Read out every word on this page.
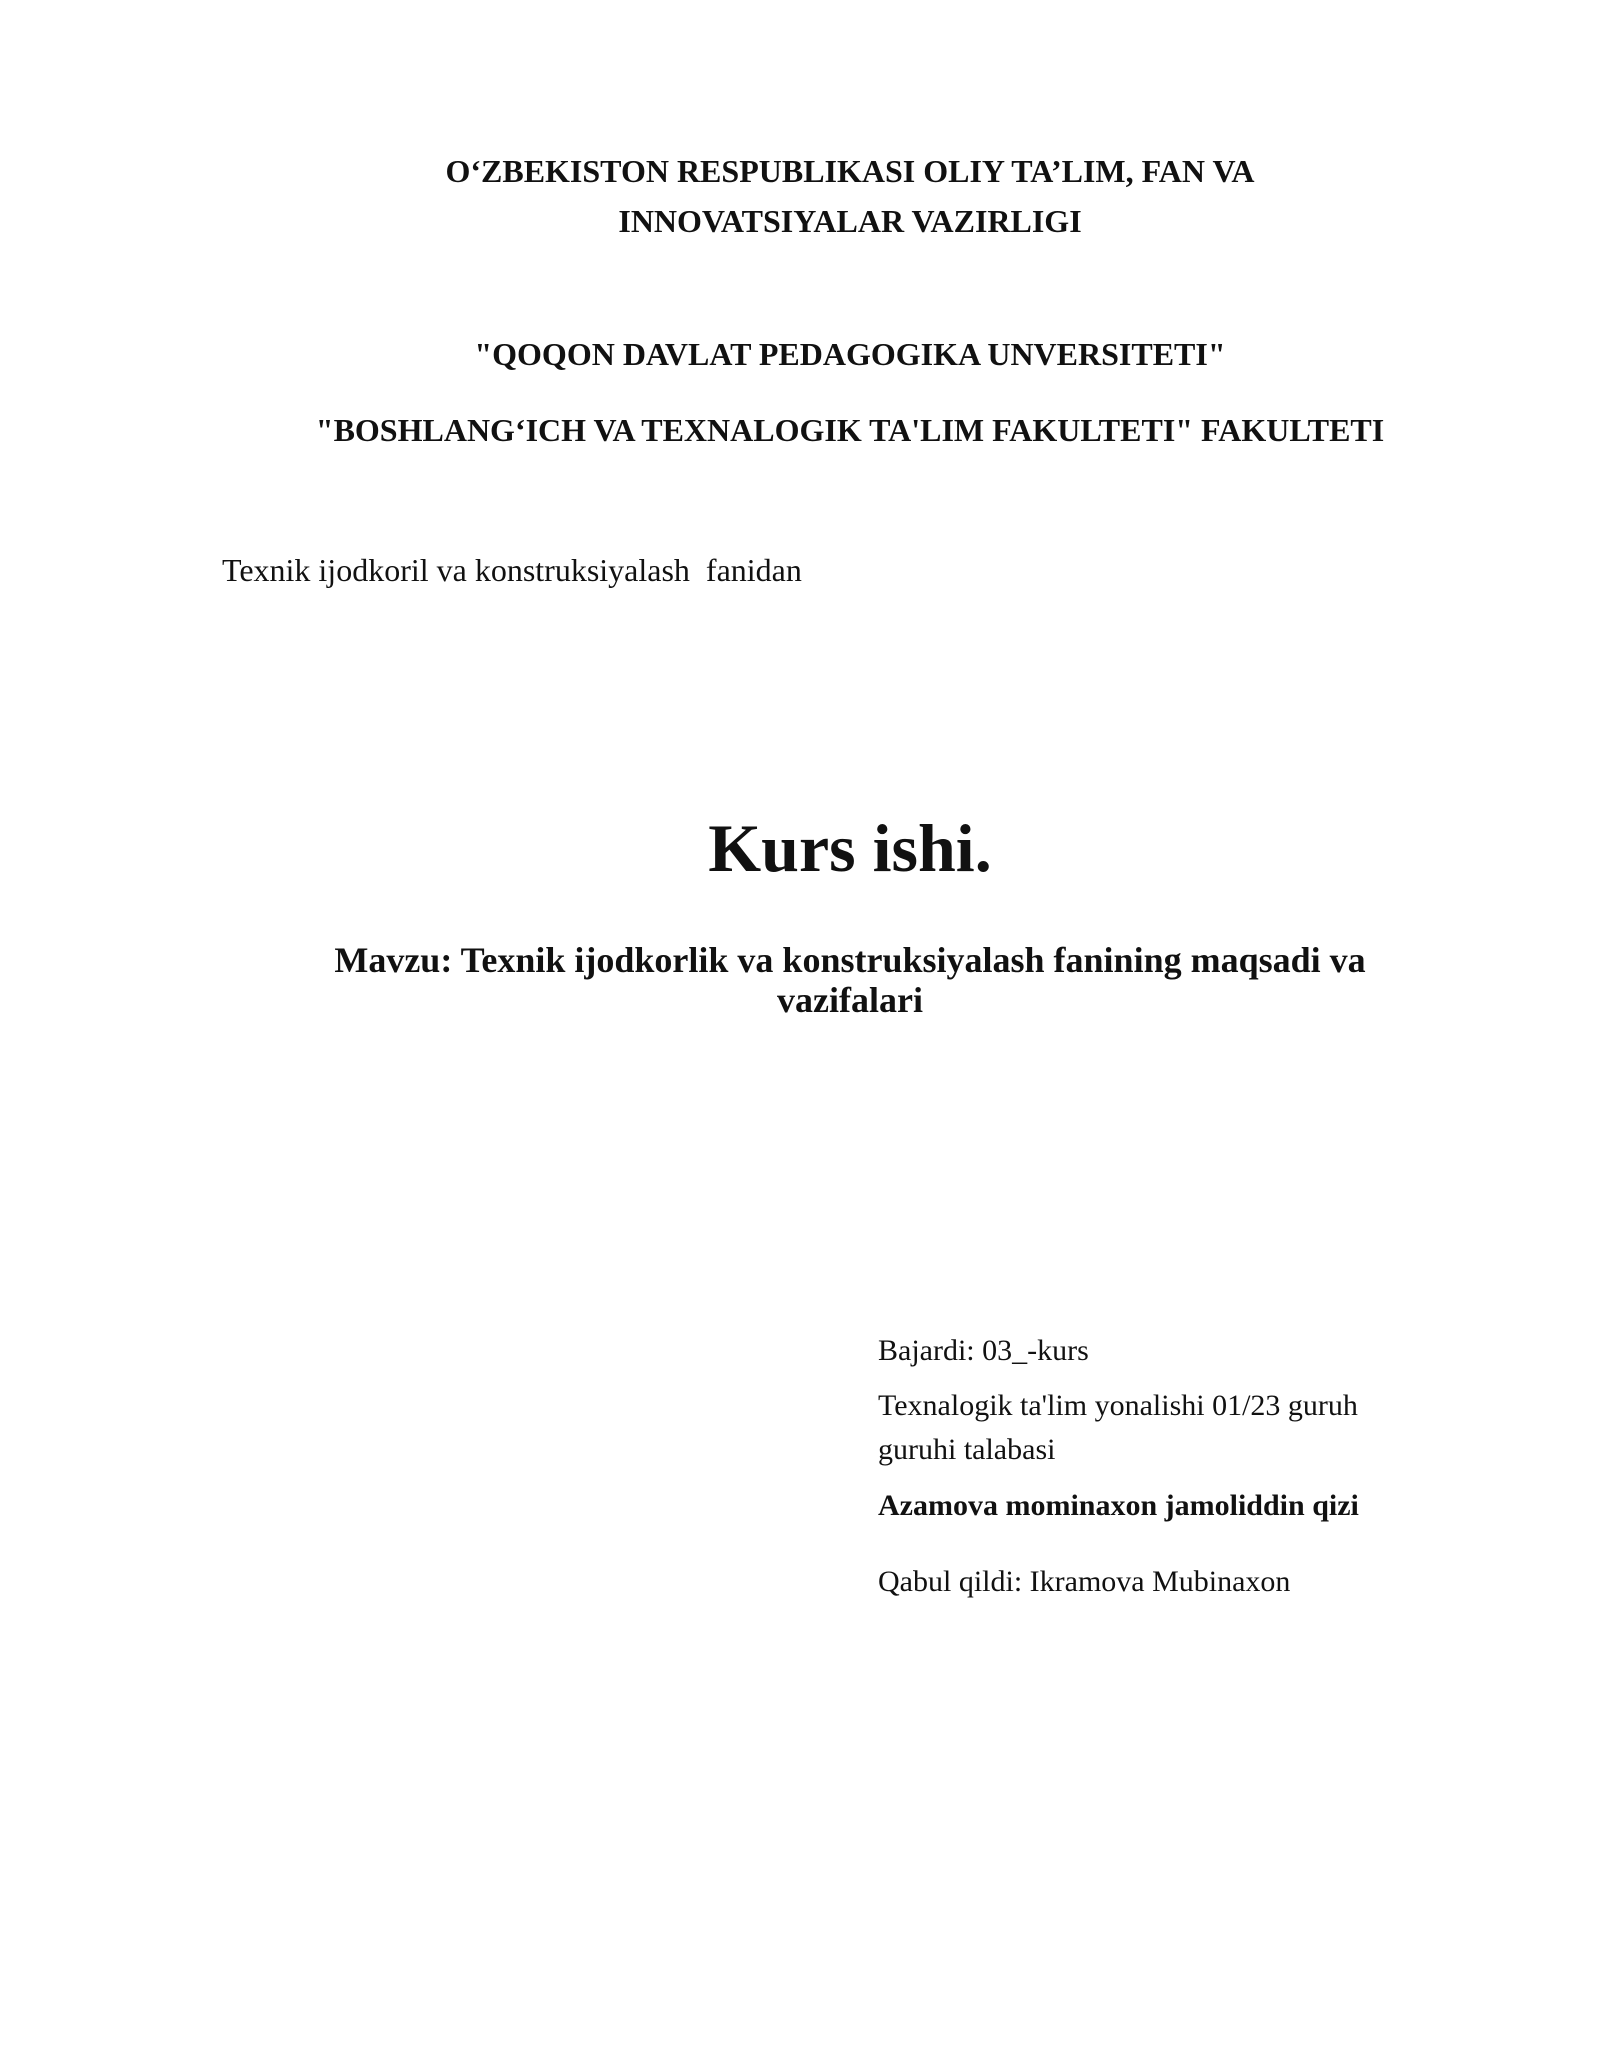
O‘ZBEKISTON RESPUBLIKASI OLIY TA’LIM, FAN VA
INNOVATSIYALAR VAZIRLIGI
"QOQON DAVLAT PEDAGOGIKA UNVERSITETI"
"BOSHLANG‘ICH VA TEXNALOGIK TA'LIM FAKULTETI" FAKULTETI
Texnik ijodkoril va konstruksiyalash  fanidan
Kurs ishi.
Mavzu: Texnik ijodkorlik va konstruksiyalash fanining maqsadi va
vazifalari
Bajardi: 03_-kurs
Texnalogik ta'lim yonalishi 01/23 guruh
guruhi talabasi
Azamova mominaxon jamoliddin qizi
Qabul qildi: Ikramova Mubinaxon
